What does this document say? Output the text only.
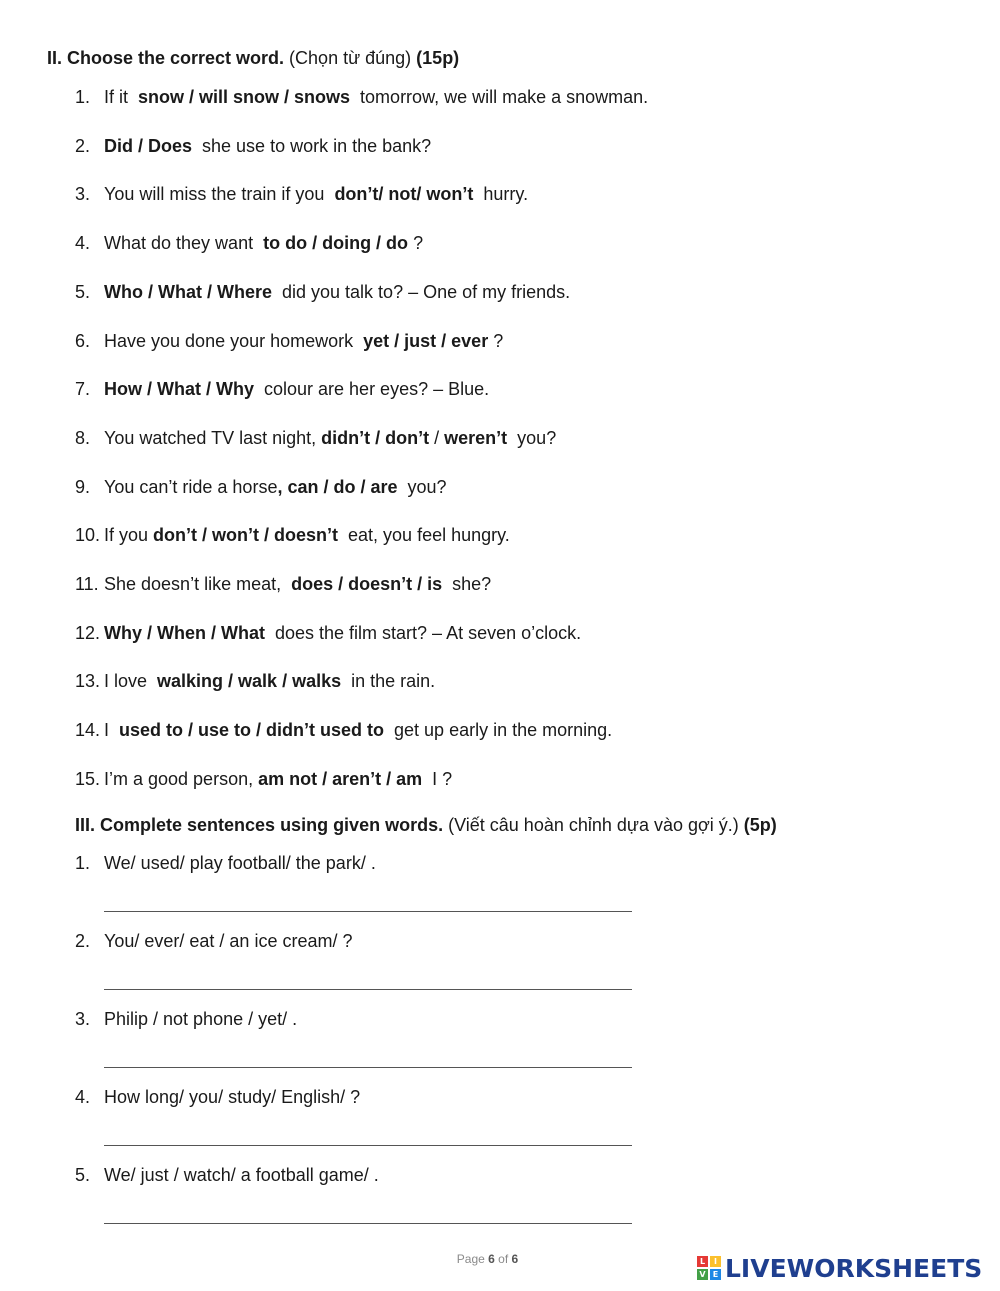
II. Choose the correct word. (Chọn từ đúng) (15p)
1. If it  snow / will snow / snows  tomorrow, we will make a snowman.
2. Did / Does  she use to work in the bank?
3. You will miss the train if you  don’t/ not/ won’t  hurry.
4. What do they want  to do / doing / do ?
5. Who / What / Where  did you talk to? – One of my friends.
6. Have you done your homework  yet / just / ever ?
7. How / What / Why  colour are her eyes? – Blue.
8. You watched TV last night, didn’t / don’t / weren’t  you?
9. You can’t ride a horse, can / do / are  you?
10. If you don’t / won’t / doesn’t  eat, you feel hungry.
11. She doesn’t like meat,  does / doesn’t / is  she?
12. Why / When / What  does the film start? – At seven o’clock.
13. I love  walking / walk / walks  in the rain.
14. I  used to / use to / didn’t used to  get up early in the morning.
15. I’m a good person, am not / aren’t / am  I ?
III. Complete sentences using given words. (Viết câu hoàn chỉnh dựa vào gợi ý.) (5p)
1. We/ used/ play football/ the park/ .
2. You/ ever/ eat / an ice cream/ ?
3. Philip / not phone / yet/ .
4. How long/ you/ study/ English/ ?
5. We/ just / watch/ a football game/ .
Page 6 of 6	L	I
V E LIVEWORKSHEETS
